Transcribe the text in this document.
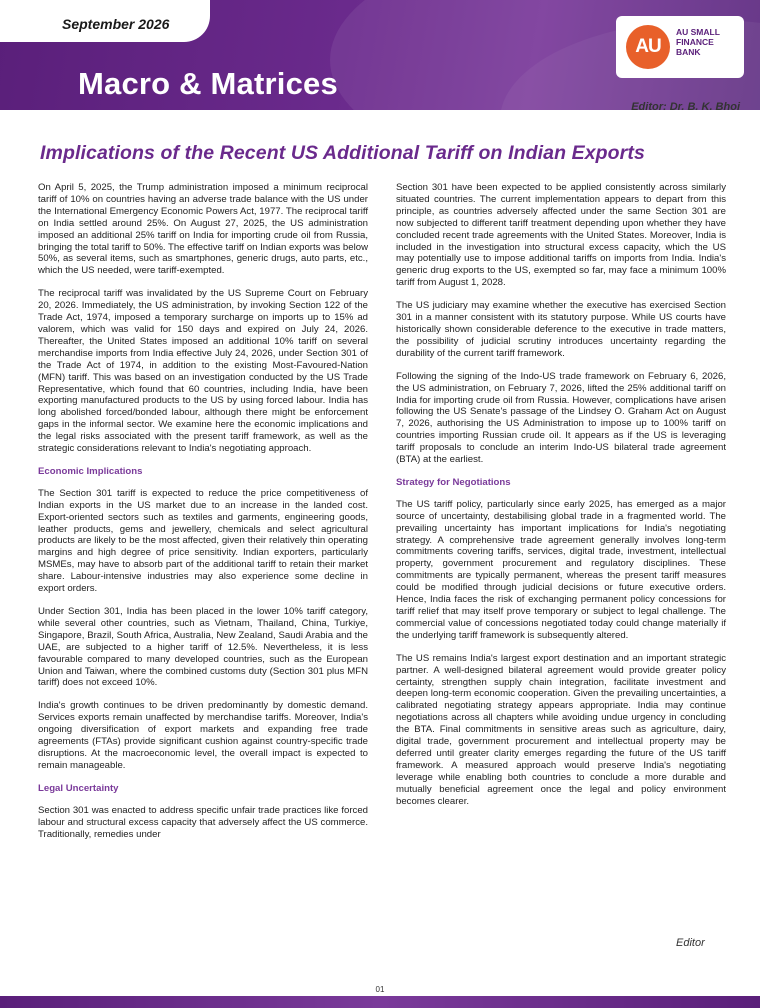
September 2026
AU
AU SMALL FINANCE BANK
Macro & Matrices
Editor: Dr. B. K. Bhoi
Implications of the Recent US Additional Tariff on Indian Exports

On April 5, 2025, the Trump administration imposed a minimum reciprocal tariff of 10% on countries having an adverse trade balance with the US under the International Emergency Economic Powers Act, 1977. The reciprocal tariff on India settled around 25%. On August 27, 2025, the US administration imposed an additional 25% tariff on India for importing crude oil from Russia, bringing the total tariff to 50%. The effective tariff on Indian exports was below 50%, as several items, such as smartphones, generic drugs, auto parts, etc., which the US needed, were tariff-exempted.

The reciprocal tariff was invalidated by the US Supreme Court on February 20, 2026. Immediately, the US administration, by invoking Section 122 of the Trade Act, 1974, imposed a temporary surcharge on imports up to 15% ad valorem, which was valid for 150 days and expired on July 24, 2026. Thereafter, the United States imposed an additional 10% tariff on several merchandise imports from India effective July 24, 2026, under Section 301 of the Trade Act of 1974, in addition to the existing Most-Favoured-Nation (MFN) tariff. This was based on an investigation conducted by the US Trade Representative, which found that 60 countries, including India, have been exporting manufactured products to the US by using forced labour. India has long abolished forced/bonded labour, although there might be enforcement gaps in the informal sector. We examine here the economic implications and the legal risks associated with the present tariff framework, as well as the strategic considerations relevant to India's negotiating approach.

Economic Implications

The Section 301 tariff is expected to reduce the price competitiveness of Indian exports in the US market due to an increase in the landed cost. Export-oriented sectors such as textiles and garments, engineering goods, leather products, gems and jewellery, chemicals and select agricultural products are likely to be the most affected, given their relatively thin operating margins and high degree of price sensitivity. Indian exporters, particularly MSMEs, may have to absorb part of the additional tariff to retain their market share. Labour-intensive industries may also experience some decline in export orders.

Under Section 301, India has been placed in the lower 10% tariff category, while several other countries, such as Vietnam, Thailand, China, Turkiye, Singapore, Brazil, South Africa, Australia, New Zealand, Saudi Arabia and the UAE, are subjected to a higher tariff of 12.5%. Nevertheless, it is less favourable compared to many developed countries, such as the European Union and Taiwan, where the combined customs duty (Section 301 plus MFN tariff) does not exceed 10%.

India's growth continues to be driven predominantly by domestic demand. Services exports remain unaffected by merchandise tariffs. Moreover, India's ongoing diversification of export markets and expanding free trade agreements (FTAs) provide significant cushion against country-specific trade disruptions. At the macroeconomic level, the overall impact is expected to remain manageable.

Legal Uncertainty

Section 301 was enacted to address specific unfair trade practices like forced labour and structural excess capacity that adversely affect the US commerce. Traditionally, remedies under

Section 301 have been expected to be applied consistently across similarly situated countries. The current implementation appears to depart from this principle, as countries adversely affected under the same Section 301 are now subjected to different tariff treatment depending upon whether they have concluded recent trade agreements with the United States. Moreover, India is included in the investigation into structural excess capacity, which the US may potentially use to impose additional tariffs on imports from India. India's generic drug exports to the US, exempted so far, may face a minimum 100% tariff from August 1, 2028.

The US judiciary may examine whether the executive has exercised Section 301 in a manner consistent with its statutory purpose. While US courts have historically shown considerable deference to the executive in trade matters, the possibility of judicial scrutiny introduces uncertainty regarding the durability of the current tariff framework.

Following the signing of the Indo-US trade framework on February 6, 2026, the US administration, on February 7, 2026, lifted the 25% additional tariff on India for importing crude oil from Russia. However, complications have arisen following the US Senate's passage of the Lindsey O. Graham Act on August 7, 2026, authorising the US Administration to impose up to 100% tariff on countries importing Russian crude oil. It appears as if the US is leveraging tariff proposals to conclude an interim Indo-US bilateral trade agreement (BTA) at the earliest.

Strategy for Negotiations

The US tariff policy, particularly since early 2025, has emerged as a major source of uncertainty, destabilising global trade in a fragmented world. The prevailing uncertainty has important implications for India's negotiating strategy. A comprehensive trade agreement generally involves long-term commitments covering tariffs, services, digital trade, investment, intellectual property, government procurement and regulatory disciplines. These commitments are typically permanent, whereas the present tariff measures could be modified through judicial decisions or future executive orders. Hence, India faces the risk of exchanging permanent policy concessions for tariff relief that may itself prove temporary or subject to legal challenge. The commercial value of concessions negotiated today could change materially if the underlying tariff framework is subsequently altered.

The US remains India's largest export destination and an important strategic partner. A well-designed bilateral agreement would provide greater policy certainty, strengthen supply chain integration, facilitate investment and deepen long-term economic cooperation. Given the prevailing uncertainties, a calibrated negotiating strategy appears appropriate. India may continue negotiations across all chapters while avoiding undue urgency in concluding the BTA. Final commitments in sensitive areas such as agriculture, dairy, digital trade, government procurement and intellectual property may be deferred until greater clarity emerges regarding the future of the US tariff framework. A measured approach would preserve India's negotiating leverage while enabling both countries to conclude a more durable and mutually beneficial agreement once the legal and policy environment becomes clearer.

Editor
01
